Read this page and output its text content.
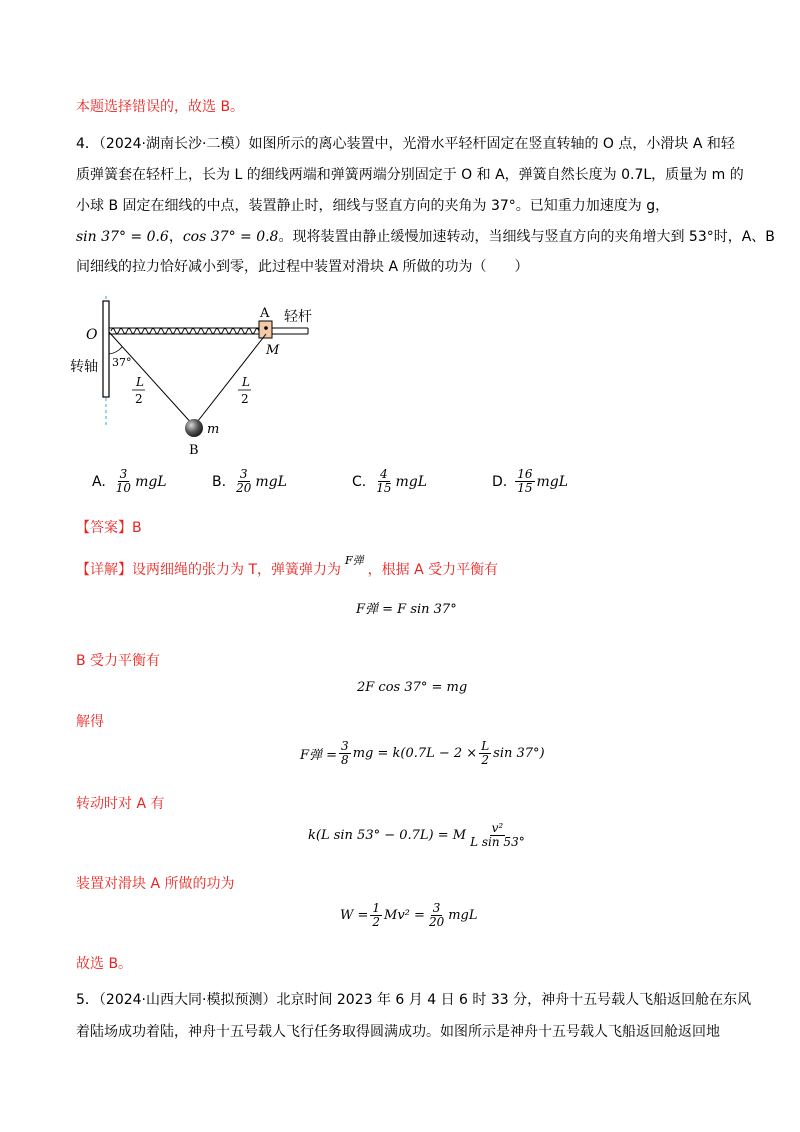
本题选择错误的，故选 B。
4．（2024·湖南长沙·二模）如图所示的离心装置中，光滑水平轻杆固定在竖直转轴的 O 点，小滑块 A 和轻
质弹簧套在轻杆上，长为 L 的细线两端和弹簧两端分别固定于 O 和 A，弹簧自然长度为 0.7L，质量为 m 的
小球 B 固定在细线的中点，装置静止时，细线与竖直方向的夹角为 37°。已知重力加速度为 g，
sin 37° = 0.6，cos 37° = 0.8。现将装置由静止缓慢加速转动，当细线与竖直方向的夹角增大到 53°时，A、B
间细线的拉力恰好减小到零，此过程中装置对滑块 A 所做的功为（　　）
O
A
M
轻杆
转轴 37°
L
2
L
2
m
B
A. $\frac{3}{10}$ mgL	B. $\frac{3}{20}$ mgL	C. $\frac{4}{15}$ mgL	D. $\frac{16}{15}$ mgL
【答案】B
【详解】设两细绳的张力为 T，弹簧弹力为$^{F弹}$，根据 A 受力平衡有
F弹 = F sin 37°
B 受力平衡有
2F cos 37° = mg
解得
F弹 = $\frac{3}{8}$ mg = $k(0.7L - 2 \times \frac{L}{2}$ sin 37°)
转动时对 A 有
k(L sin 53° − 0.7L) = M $\frac{\text{v²}}{\text{L sin 53°}}$
装置对滑块 A 所做的功为
$W = \frac{1}{2} Mv^2 = \frac{3}{20}$ mgL
故选 B。
5．（2024·山西大同·模拟预测）北京时间 2023 年 6 月 4 日 6 时 33 分，神舟十五号载人飞船返回舱在东风
着陆场成功着陆，神舟十五号载人飞行任务取得圆满成功。如图所示是神舟十五号载人飞船返回舱返回地
